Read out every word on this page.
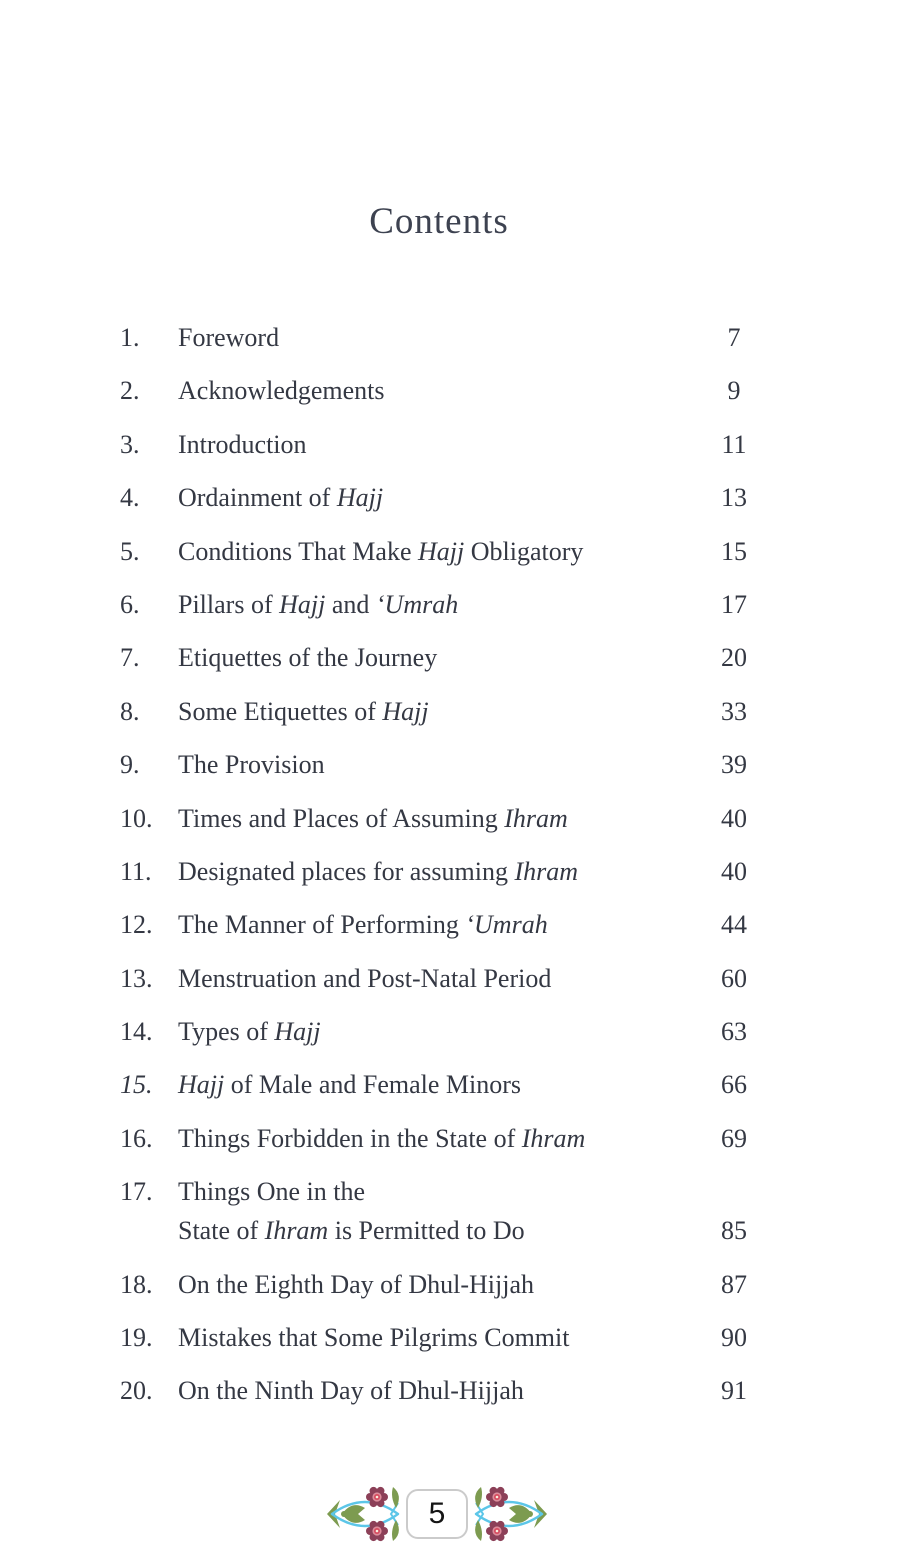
Contents
1.	Foreword	7
2.	Acknowledgements	9
3.	Introduction	11
4.	Ordainment of Hajj	13
5.	Conditions That Make Hajj Obligatory	15
6.	Pillars of Hajj and ‘Umrah	17
7.	Etiquettes of the Journey	20
8.	Some Etiquettes of Hajj	33
9.	The Provision	39
10. Times and Places of Assuming Ihram	40
11.	Designated places for assuming Ihram	40
12. The Manner of Performing ‘Umrah	44
13. Menstruation and Post-Natal Period	60
14. Types of Hajj	63
15. Hajj of Male and Female Minors	66
16. Things Forbidden in the State of Ihram	69
17. Things One in the
State of Ihram is Permitted to Do	85
18. On the Eighth Day of Dhul-Hijjah	87
19. Mistakes that Some Pilgrims Commit	90
20. On the Ninth Day of Dhul-Hijjah	91
5
